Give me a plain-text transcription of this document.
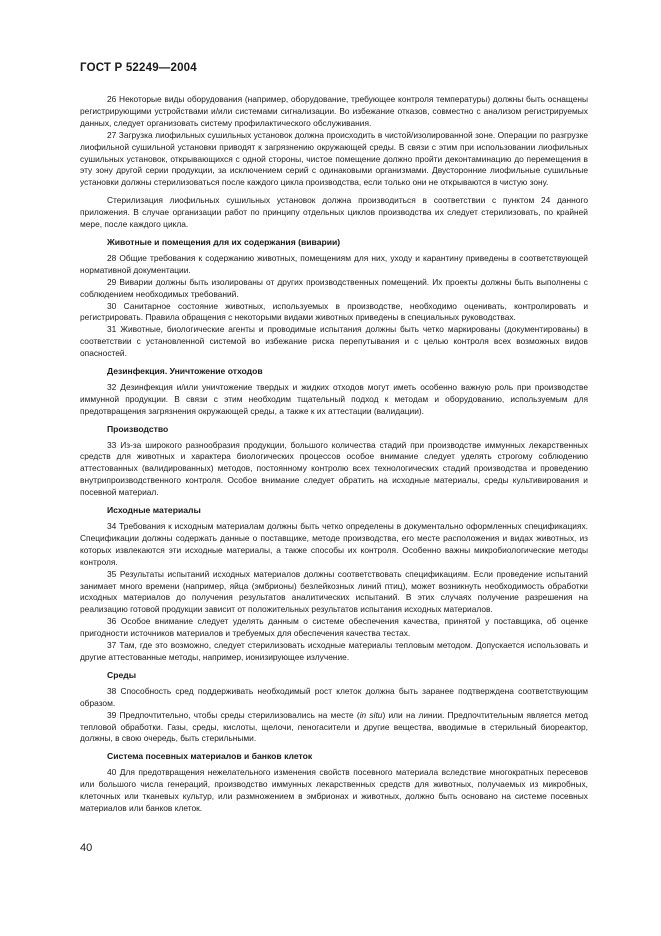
ГОСТ Р 52249—2004

26 Некоторые виды оборудования (например, оборудование, требующее контроля температуры) должны быть оснащены регистрирующими устройствами и/или системами сигнализации. Во избежание отказов, совместно с анализом регистрируемых данных, следует организовать систему профилактического обслуживания.

27 Загрузка лиофильных сушильных установок должна происходить в чистой/изолированной зоне. Операции по разгрузке лиофильной сушильной установки приводят к загрязнению окружающей среды. В связи с этим при использовании лиофильных сушильных установок, открывающихся с одной стороны, чистое помещение должно пройти деконтаминацию до перемещения в эту зону другой серии продукции, за исключением серий с одинаковыми организмами. Двусторонние лиофильные сушильные установки должны стерилизоваться после каждого цикла производства, если только они не открываются в чистую зону.

Стерилизация лиофильных сушильных установок должна производиться в соответствии с пунктом 24 данного приложения. В случае организации работ по принципу отдельных циклов производства их следует стерилизовать, по крайней мере, после каждого цикла.

Животные и помещения для их содержания (виварии)

28 Общие требования к содержанию животных, помещениям для них, уходу и карантину приведены в соответствующей нормативной документации.

29 Виварии должны быть изолированы от других производственных помещений. Их проекты должны быть выполнены с соблюдением необходимых требований.

30 Санитарное состояние животных, используемых в производстве, необходимо оценивать, контролировать и регистрировать. Правила обращения с некоторыми видами животных приведены в специальных руководствах.

31 Животные, биологические агенты и проводимые испытания должны быть четко маркированы (документированы) в соответствии с установленной системой во избежание риска перепутывания и с целью контроля всех возможных видов опасностей.

Дезинфекция. Уничтожение отходов

32 Дезинфекция и/или уничтожение твердых и жидких отходов могут иметь особенно важную роль при производстве иммунной продукции. В связи с этим необходим тщательный подход к методам и оборудованию, используемым для предотвращения загрязнения окружающей среды, а также к их аттестации (валидации).

Производство

33 Из-за широкого разнообразия продукции, большого количества стадий при производстве иммунных лекарственных средств для животных и характера биологических процессов особое внимание следует уделять строгому соблюдению аттестованных (валидированных) методов, постоянному контролю всех технологических стадий производства и проведению внутрипроизводственного контроля. Особое внимание следует обратить на исходные материалы, среды культивирования и посевной материал.

Исходные материалы

34 Требования к исходным материалам должны быть четко определены в документально оформленных спецификациях. Спецификации должны содержать данные о поставщике, методе производства, его месте расположения и видах животных, из которых извлекаются эти исходные материалы, а также способы их контроля. Особенно важны микробиологические методы контроля.

35 Результаты испытаний исходных материалов должны соответствовать спецификациям. Если проведение испытаний занимает много времени (например, яйца (эмбрионы) безлейкозных линий птиц), может возникнуть необходимость обработки исходных материалов до получения результатов аналитических испытаний. В этих случаях получение разрешения на реализацию готовой продукции зависит от положительных результатов испытания исходных материалов.

36 Особое внимание следует уделять данным о системе обеспечения качества, принятой у поставщика, об оценке пригодности источников материалов и требуемых для обеспечения качества тестах.

37 Там, где это возможно, следует стерилизовать исходные материалы тепловым методом. Допускается использовать и другие аттестованные методы, например, ионизирующее излучение.

Среды

38 Способность сред поддерживать необходимый рост клеток должна быть заранее подтверждена соответствующим образом.

39 Предпочтительно, чтобы среды стерилизовались на месте (in situ) или на линии. Предпочтительным является метод тепловой обработки. Газы, среды, кислоты, щелочи, пеногасители и другие вещества, вводимые в стерильный биореактор, должны, в свою очередь, быть стерильными.

Система посевных материалов и банков клеток

40 Для предотвращения нежелательного изменения свойств посевного материала вследствие многократных пересевов или большого числа генераций, производство иммунных лекарственных средств для животных, получаемых из микробных, клеточных или тканевых культур, или размножением в эмбрионах и животных, должно быть основано на системе посевных материалов или банков клеток.

40
